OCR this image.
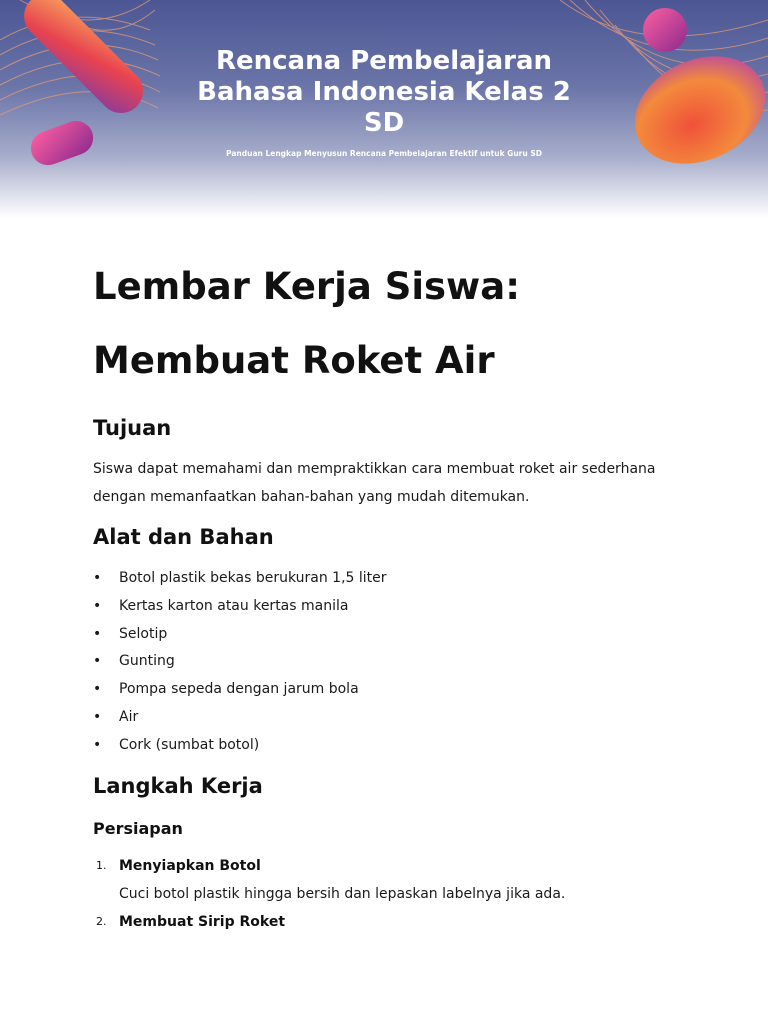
Rencana Pembelajaran Bahasa Indonesia Kelas 2 SD
Panduan Lengkap Menyusun Rencana Pembelajaran Efektif untuk Guru SD
Lembar Kerja Siswa:
Membuat Roket Air
Tujuan

Siswa dapat memahami dan mempraktikkan cara membuat roket air sederhana dengan memanfaatkan bahan-bahan yang mudah ditemukan.

Alat dan Bahan
• Botol plastik bekas berukuran 1,5 liter
• Kertas karton atau kertas manila
• Selotip
• Gunting
• Pompa sepeda dengan jarum bola
• Air
• Cork (sumbat botol)
Langkah Kerja
Persiapan
1. Menyiapkan Botol
Cuci botol plastik hingga bersih dan lepaskan labelnya jika ada.
2. Membuat Sirip Roket
